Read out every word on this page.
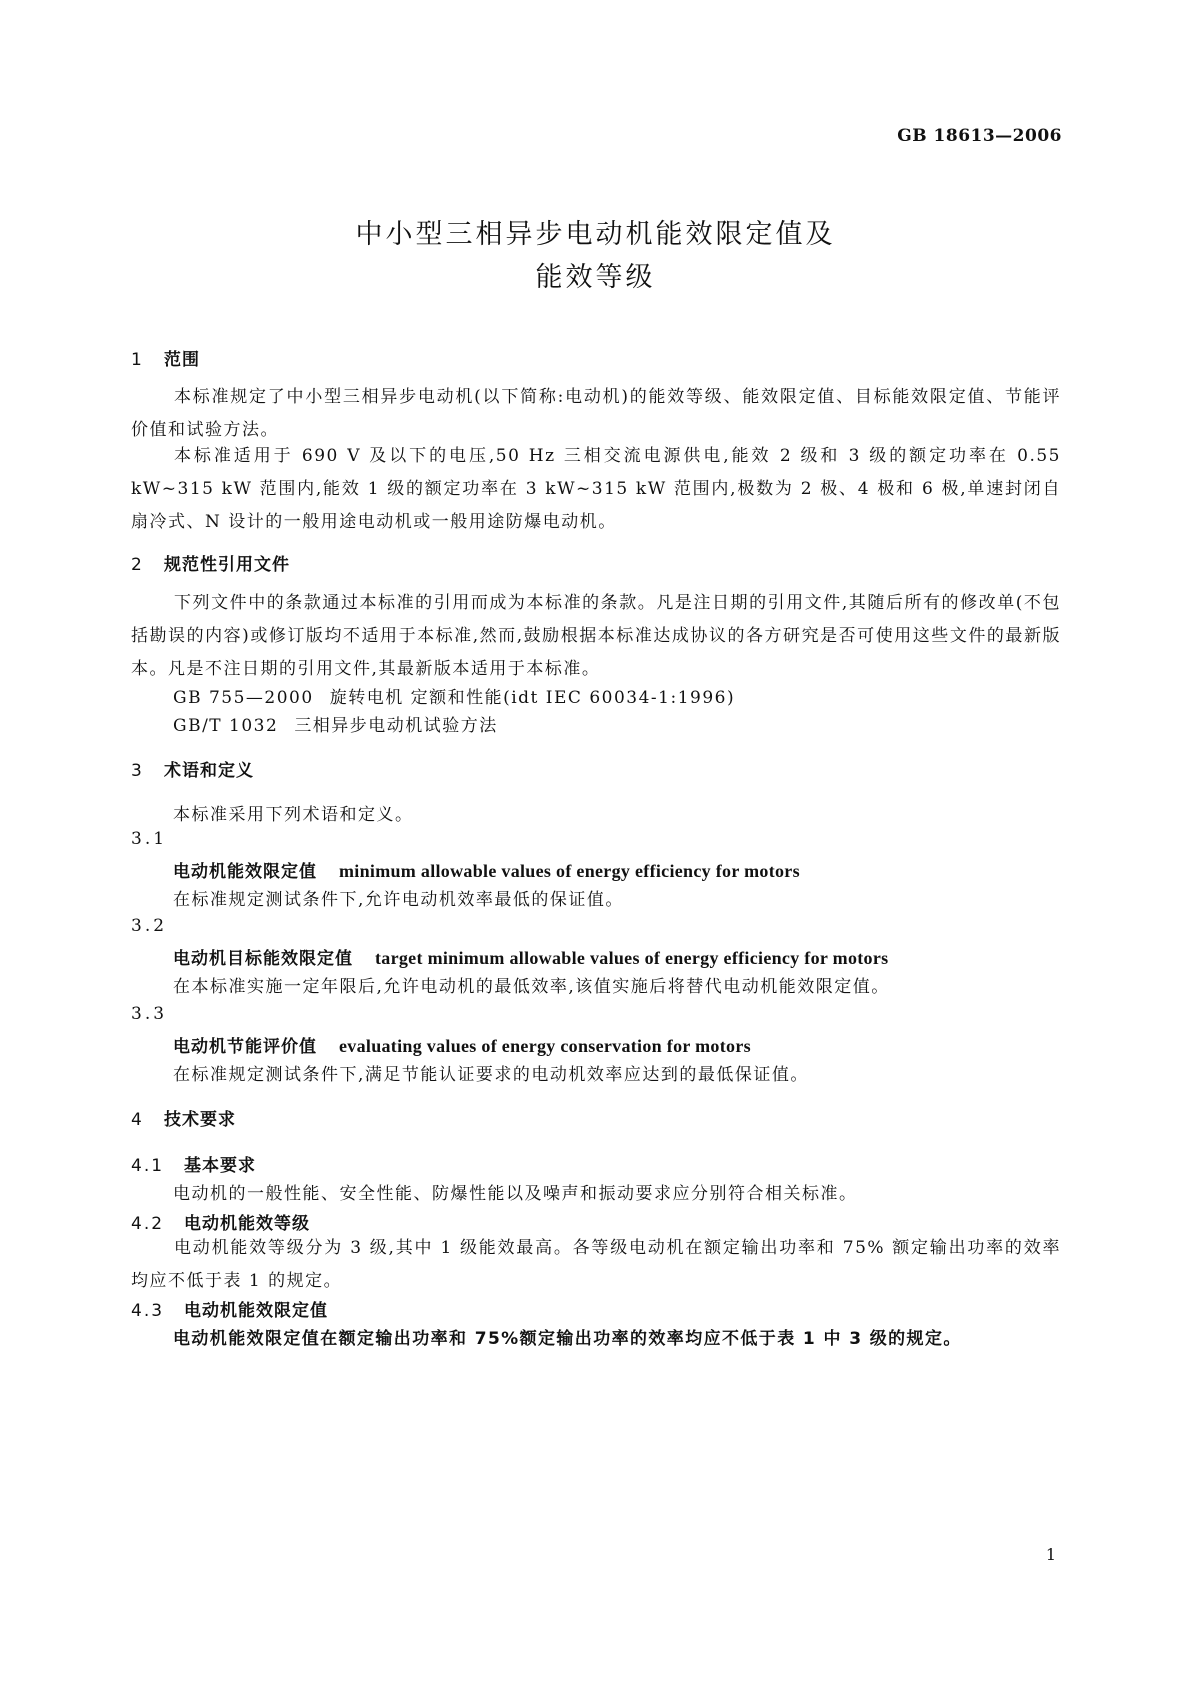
GB 18613—2006
中小型三相异步电动机能效限定值及
能效等级
1 范围
本标准规定了中小型三相异步电动机(以下简称:电动机)的能效等级、能效限定值、目标能效限定值、节能评价值和试验方法。
本标准适用于 690 V 及以下的电压,50 Hz 三相交流电源供电,能效 2 级和 3 级的额定功率在 0.55 kW~315 kW 范围内,能效 1 级的额定功率在 3 kW~315 kW 范围内,极数为 2 极、4 极和 6 极,单速封闭自扇冷式、N 设计的一般用途电动机或一般用途防爆电动机。
2 规范性引用文件
下列文件中的条款通过本标准的引用而成为本标准的条款。凡是注日期的引用文件,其随后所有的修改单(不包括勘误的内容)或修订版均不适用于本标准,然而,鼓励根据本标准达成协议的各方研究是否可使用这些文件的最新版本。凡是不注日期的引用文件,其最新版本适用于本标准。
GB 755—2000 旋转电机 定额和性能(idt IEC 60034-1:1996)
GB/T 1032 三相异步电动机试验方法
3 术语和定义
本标准采用下列术语和定义。
3.1
电动机能效限定值 minimum allowable values of energy efficiency for motors
在标准规定测试条件下,允许电动机效率最低的保证值。
3.2
电动机目标能效限定值 target minimum allowable values of energy efficiency for motors
在本标准实施一定年限后,允许电动机的最低效率,该值实施后将替代电动机能效限定值。
3.3
电动机节能评价值 evaluating values of energy conservation for motors
在标准规定测试条件下,满足节能认证要求的电动机效率应达到的最低保证值。
4 技术要求
4.1 基本要求
电动机的一般性能、安全性能、防爆性能以及噪声和振动要求应分别符合相关标准。
4.2 电动机能效等级
电动机能效等级分为 3 级,其中 1 级能效最高。各等级电动机在额定输出功率和 75% 额定输出功率的效率均应不低于表 1 的规定。
4.3 电动机能效限定值
电动机能效限定值在额定输出功率和 75%额定输出功率的效率均应不低于表 1 中 3 级的规定。
1
